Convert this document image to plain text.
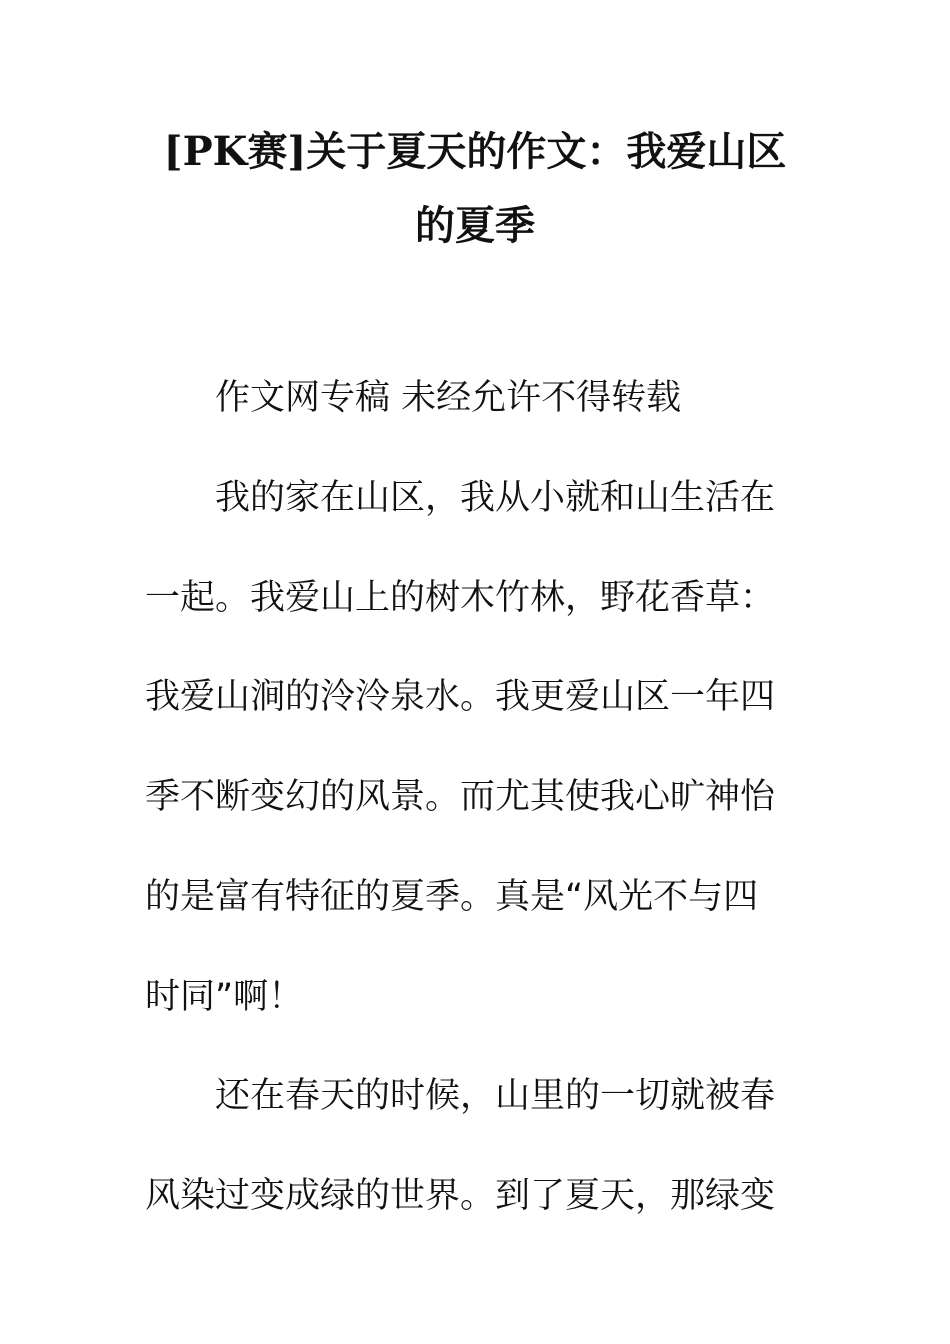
[PK赛]关于夏天的作文：我爱山区
的夏季
作文网专稿 未经允许不得转载
我的家在山区，我从小就和山生活在
一起。我爱山上的树木竹林，野花香草：
我爱山涧的泠泠泉水。我更爱山区一年四
季不断变幻的风景。而尤其使我心旷神怡
的是富有特征的夏季。真是“风光不与四
时同”啊！
还在春天的时候，山里的一切就被春
风染过变成绿的世界。到了夏天，那绿变
